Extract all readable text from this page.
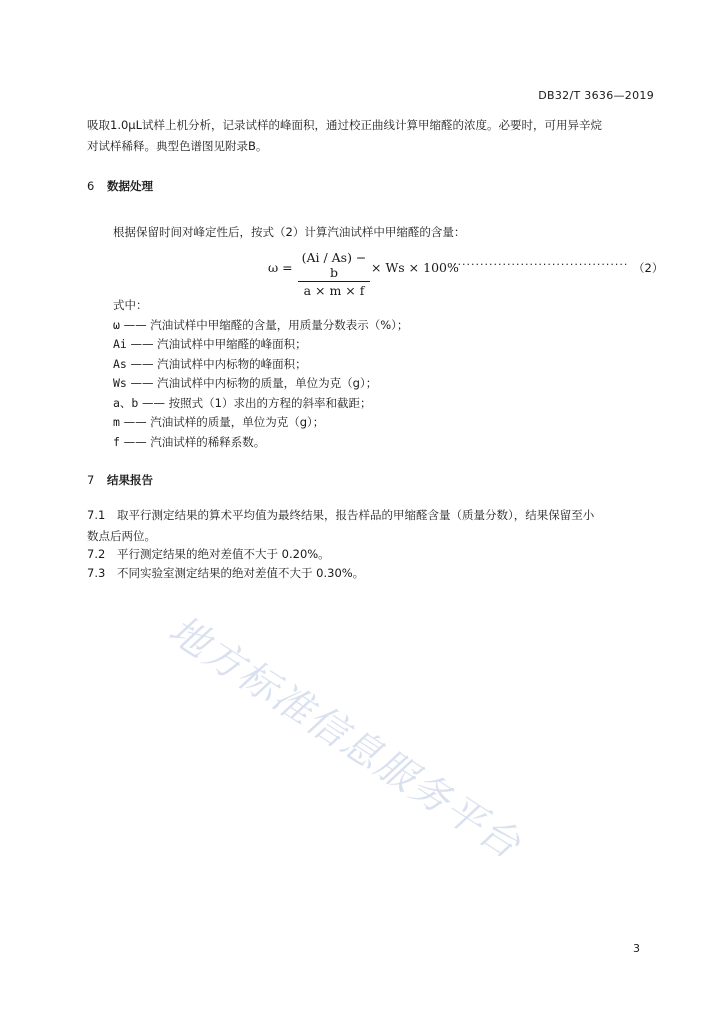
DB32/T 3636—2019
吸取1.0μL试样上机分析，记录试样的峰面积，通过校正曲线计算甲缩醛的浓度。必要时，可用异辛烷
对试样稀释。典型色谱图见附录B。
6 数据处理
根据保留时间对峰定性后，按式（2）计算汽油试样中甲缩醛的含量：
$\omega = \frac{(Ai / As) - b}{a \times m \times f} \times Ws \times 100\%$
······································· （2）
式中：
ω —— 汽油试样中甲缩醛的含量，用质量分数表示（%）；
Ai —— 汽油试样中甲缩醛的峰面积；
As —— 汽油试样中内标物的峰面积；
Ws —— 汽油试样中内标物的质量，单位为克（g）；
a、b —— 按照式（1）求出的方程的斜率和截距；
m —— 汽油试样的质量，单位为克（g）；
f —— 汽油试样的稀释系数。
7 结果报告
7.1 取平行测定结果的算术平均值为最终结果，报告样品的甲缩醛含量（质量分数），结果保留至小
数点后两位。
7.2 平行测定结果的绝对差值不大于 0.20%。
7.3 不同实验室测定结果的绝对差值不大于 0.30%。
地方标准信息服务平台
3
